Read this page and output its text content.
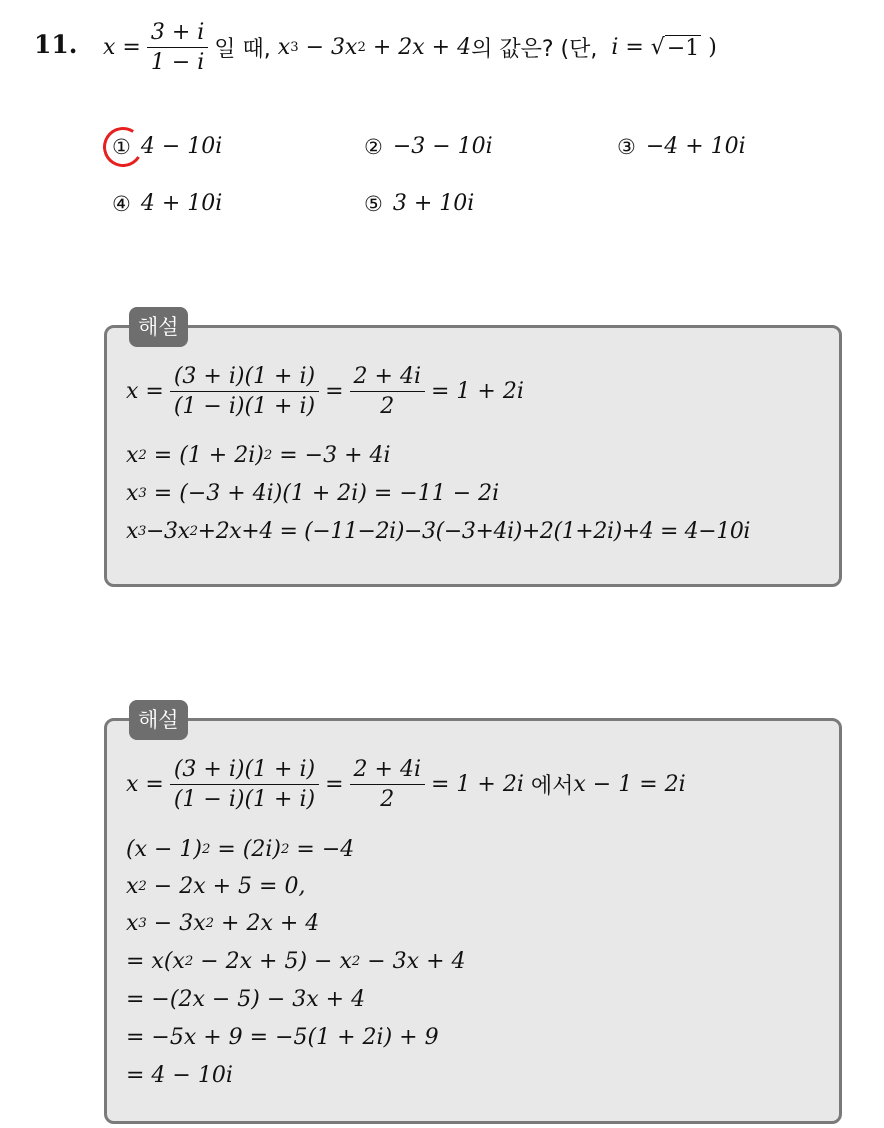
11. $x = \frac{3 + i}{1 - i}$ 일 때,
x 3 − 3x 2 + 2x + 4 의 값은? (단,
i =
√ −1
)
① 4 − 10i	② −3 − 10i	③ −4 + 10i
④ 4 + 10i	⑤ 3 + 10i
해설
$x = \frac{(3 + i)(1 + i)}{(1 - i)(1 + i)} = \frac{2 + 4i}{2} = 1 + 2i$
x 2 = (1 + 2i) 2 = −3 + 4i
x 3 = (−3 + 4i)(1 + 2i) = −11 − 2i
x 3 −3x 2 +2x+4 = (−11−2i)−3(−3+4i)+2(1+2i)+4 = 4−10i
해설
$x = \frac{(3 + i)(1 + i)}{(1 - i)(1 + i)} = \frac{2 + 4i}{2} = 1 + 2i$
에서 x − 1 = 2i
(x − 1) 2 = (2i) 2 = −4
x 2 − 2x + 5 = 0,
x 3 − 3x 2 + 2x + 4
= x(x 2 − 2x + 5) − x 2 − 3x + 4
= −(2x − 5) − 3x + 4
= −5x + 9 = −5(1 + 2i) + 9
= 4 − 10i
